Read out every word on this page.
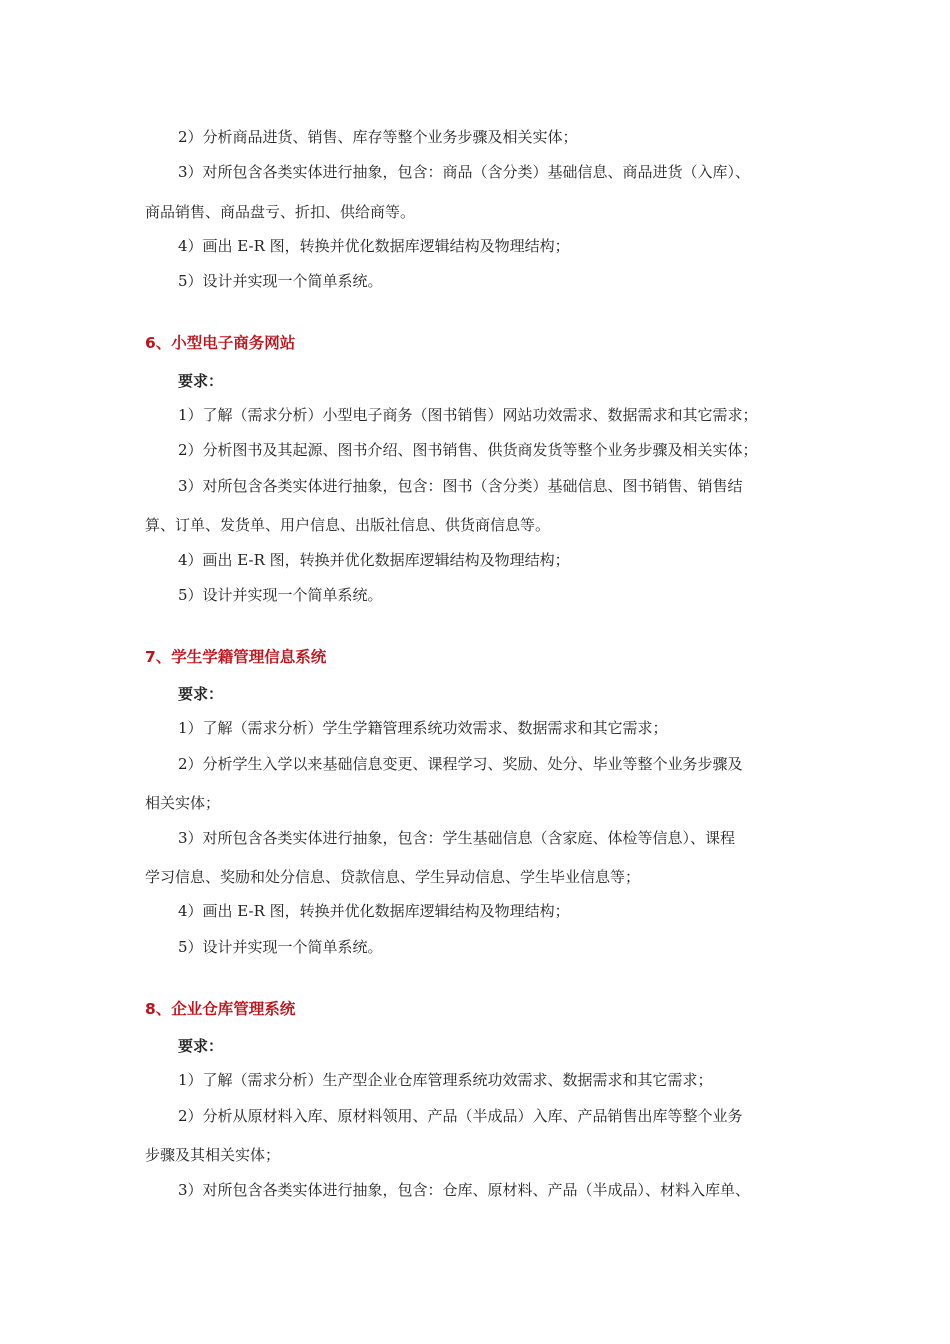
2）分析商品进货、销售、库存等整个业务步骤及相关实体；
3）对所包含各类实体进行抽象，包含：商品（含分类）基础信息、商品进货（入库）、
商品销售、商品盘亏、折扣、供给商等。
4）画出 E-R 图，转换并优化数据库逻辑结构及物理结构；
5）设计并实现一个简单系统。
6、小型电子商务网站
要求：
1）了解（需求分析）小型电子商务（图书销售）网站功效需求、数据需求和其它需求；
2）分析图书及其起源、图书介绍、图书销售、供货商发货等整个业务步骤及相关实体；
3）对所包含各类实体进行抽象，包含：图书（含分类）基础信息、图书销售、销售结
算、订单、发货单、用户信息、出版社信息、供货商信息等。
4）画出 E-R 图，转换并优化数据库逻辑结构及物理结构；
5）设计并实现一个简单系统。
7、学生学籍管理信息系统
要求：
1）了解（需求分析）学生学籍管理系统功效需求、数据需求和其它需求；
2）分析学生入学以来基础信息变更、课程学习、奖励、处分、毕业等整个业务步骤及
相关实体；
3）对所包含各类实体进行抽象，包含：学生基础信息（含家庭、体检等信息）、课程
学习信息、奖励和处分信息、贷款信息、学生异动信息、学生毕业信息等；
4）画出 E-R 图，转换并优化数据库逻辑结构及物理结构；
5）设计并实现一个简单系统。
8、企业仓库管理系统
要求：
1）了解（需求分析）生产型企业仓库管理系统功效需求、数据需求和其它需求；
2）分析从原材料入库、原材料领用、产品（半成品）入库、产品销售出库等整个业务
步骤及其相关实体；
3）对所包含各类实体进行抽象，包含：仓库、原材料、产品（半成品）、材料入库单、
